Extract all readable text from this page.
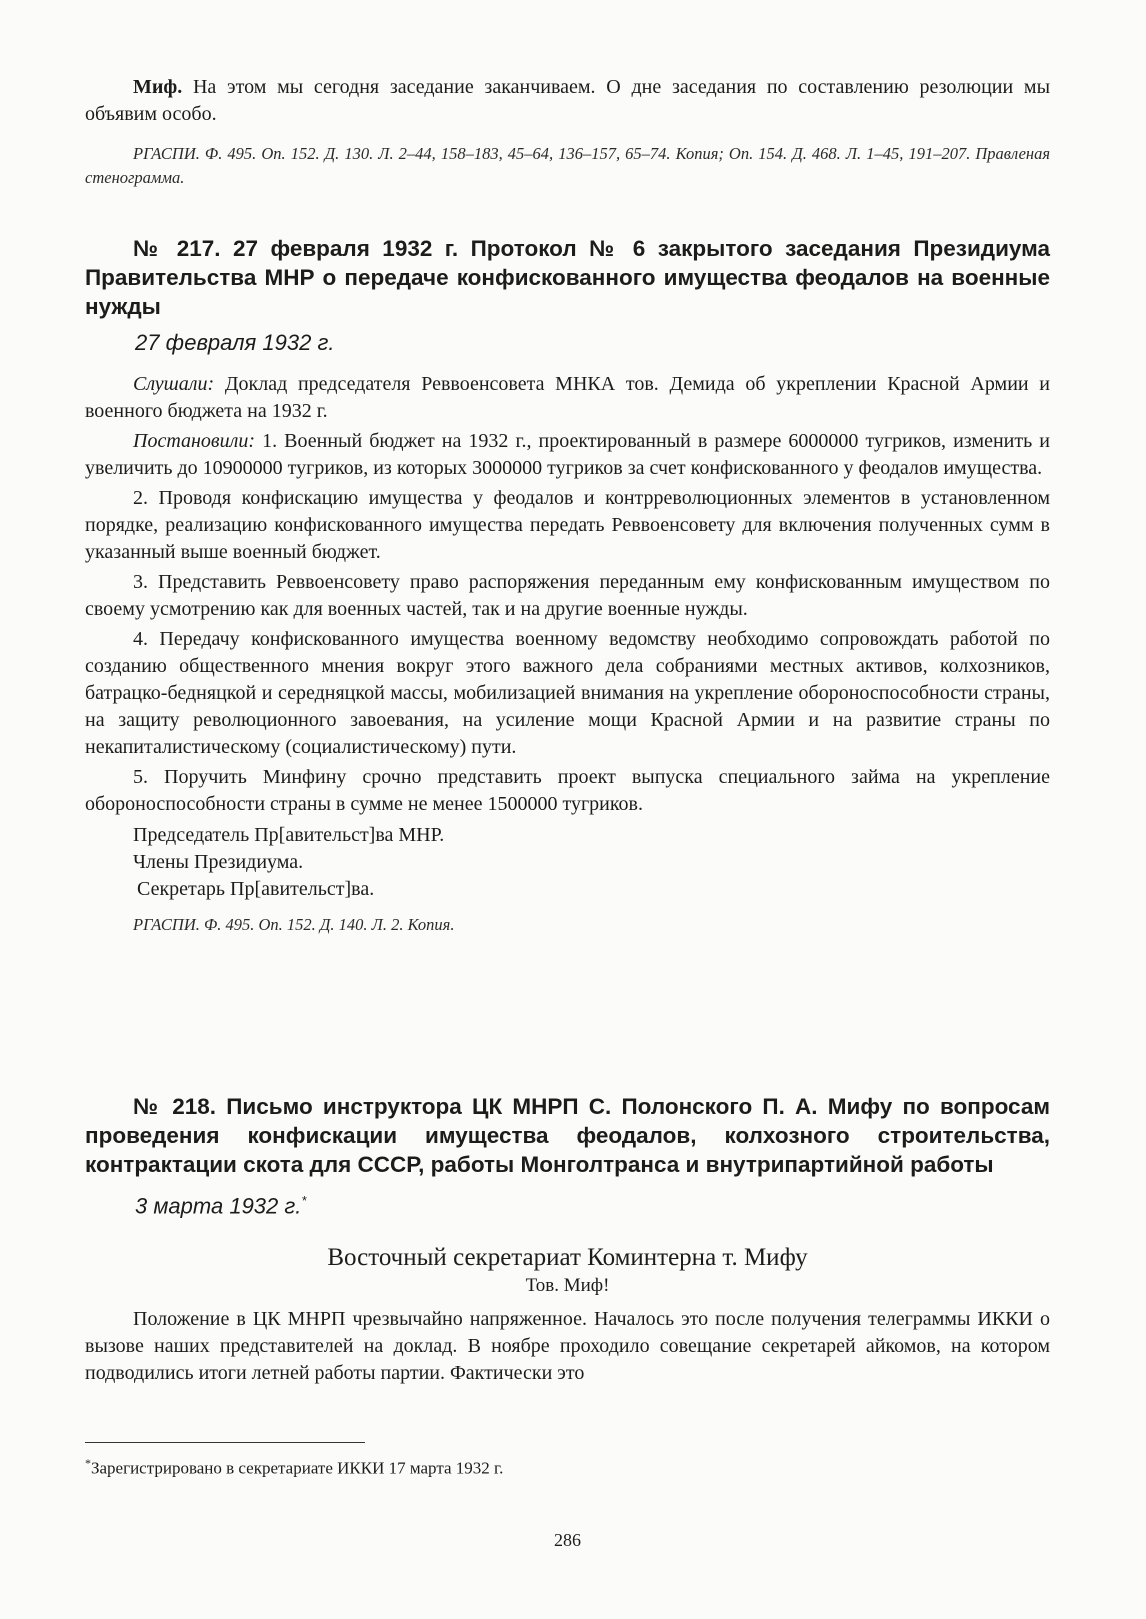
Миф. На этом мы сегодня заседание заканчиваем. О дне заседания по составлению резолюции мы объявим особо.

РГАСПИ. Ф. 495. Оп. 152. Д. 130. Л. 2–44, 158–183, 45–64, 136–157, 65–74. Копия; Оп. 154. Д. 468. Л. 1–45, 191–207. Правленая стенограмма.

№ 217. 27 февраля 1932 г. Протокол № 6 закрытого заседания Президиума Правительства МНР о передаче конфискованного имущества феодалов на военные нужды

27 февраля 1932 г.

Слушали: Доклад председателя Реввоенсовета МНКА тов. Демида об укреплении Красной Армии и военного бюджета на 1932 г.

Постановили: 1. Военный бюджет на 1932 г., проектированный в размере 6000000 тугриков, изменить и увеличить до 10900000 тугриков, из которых 3000000 тугриков за счет конфискованного у феодалов имущества.

2. Проводя конфискацию имущества у феодалов и контрреволюционных элементов в установленном порядке, реализацию конфискованного имущества передать Реввоенсовету для включения полученных сумм в указанный выше военный бюджет.

3. Представить Реввоенсовету право распоряжения переданным ему конфискованным имуществом по своему усмотрению как для военных частей, так и на другие военные нужды.

4. Передачу конфискованного имущества военному ведомству необходимо сопровождать работой по созданию общественного мнения вокруг этого важного дела собраниями местных активов, колхозников, батрацко-бедняцкой и середняцкой массы, мобилизацией внимания на укрепление обороноспособности страны, на защиту революционного завоевания, на усиление мощи Красной Армии и на развитие страны по некапиталистическому (социалистическому) пути.

5. Поручить Минфину срочно представить проект выпуска специального займа на укрепление обороноспособности страны в сумме не менее 1500000 тугриков.

Председатель Пр[авительст]ва МНР.

Члены Президиума.

Секретарь Пр[авительст]ва.

РГАСПИ. Ф. 495. Оп. 152. Д. 140. Л. 2. Копия.

№ 218. Письмо инструктора ЦК МНРП С. Полонского П. А. Мифу по вопросам проведения конфискации имущества феодалов, колхозного строительства, контрактации скота для СССР, работы Монголтранса и внутрипартийной работы

3 марта 1932 г.*

Восточный секретариат Коминтерна т. Мифу

Тов. Миф!

Положение в ЦК МНРП чрезвычайно напряженное. Началось это после получения телеграммы ИККИ о вызове наших представителей на доклад. В ноябре проходило совещание секретарей айкомов, на котором подводились итоги летней работы партии. Фактически это

*Зарегистрировано в секретариате ИККИ 17 марта 1932 г.

286
